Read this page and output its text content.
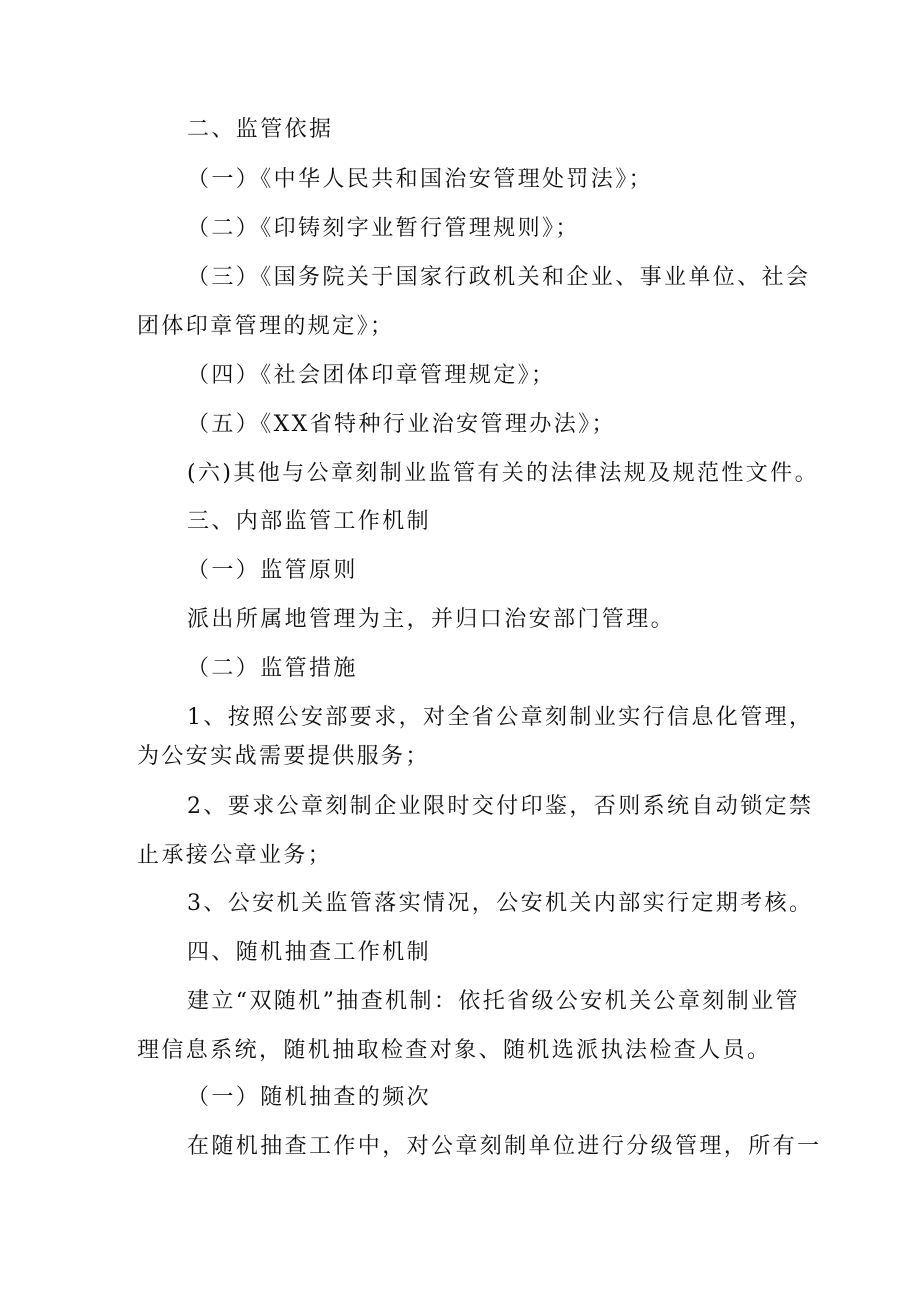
二、监管依据
（一）《中华人民共和国治安管理处罚法》；
（二）《印铸刻字业暂行管理规则》；
（三）《国务院关于国家行政机关和企业、事业单位、社会
团体印章管理的规定》；
（四）《社会团体印章管理规定》；
（五）《XX省特种行业治安管理办法》；
(六)其他与公章刻制业监管有关的法律法规及规范性文件。
三、内部监管工作机制
（一）监管原则
派出所属地管理为主，并归口治安部门管理。
（二）监管措施
1、按照公安部要求，对全省公章刻制业实行信息化管理，
为公安实战需要提供服务；
2、要求公章刻制企业限时交付印鉴，否则系统自动锁定禁
止承接公章业务；
3、公安机关监管落实情况，公安机关内部实行定期考核。
四、随机抽查工作机制
建立“双随机”抽查机制：依托省级公安机关公章刻制业管
理信息系统，随机抽取检查对象、随机选派执法检查人员。
（一）随机抽查的频次
在随机抽查工作中，对公章刻制单位进行分级管理，所有一
